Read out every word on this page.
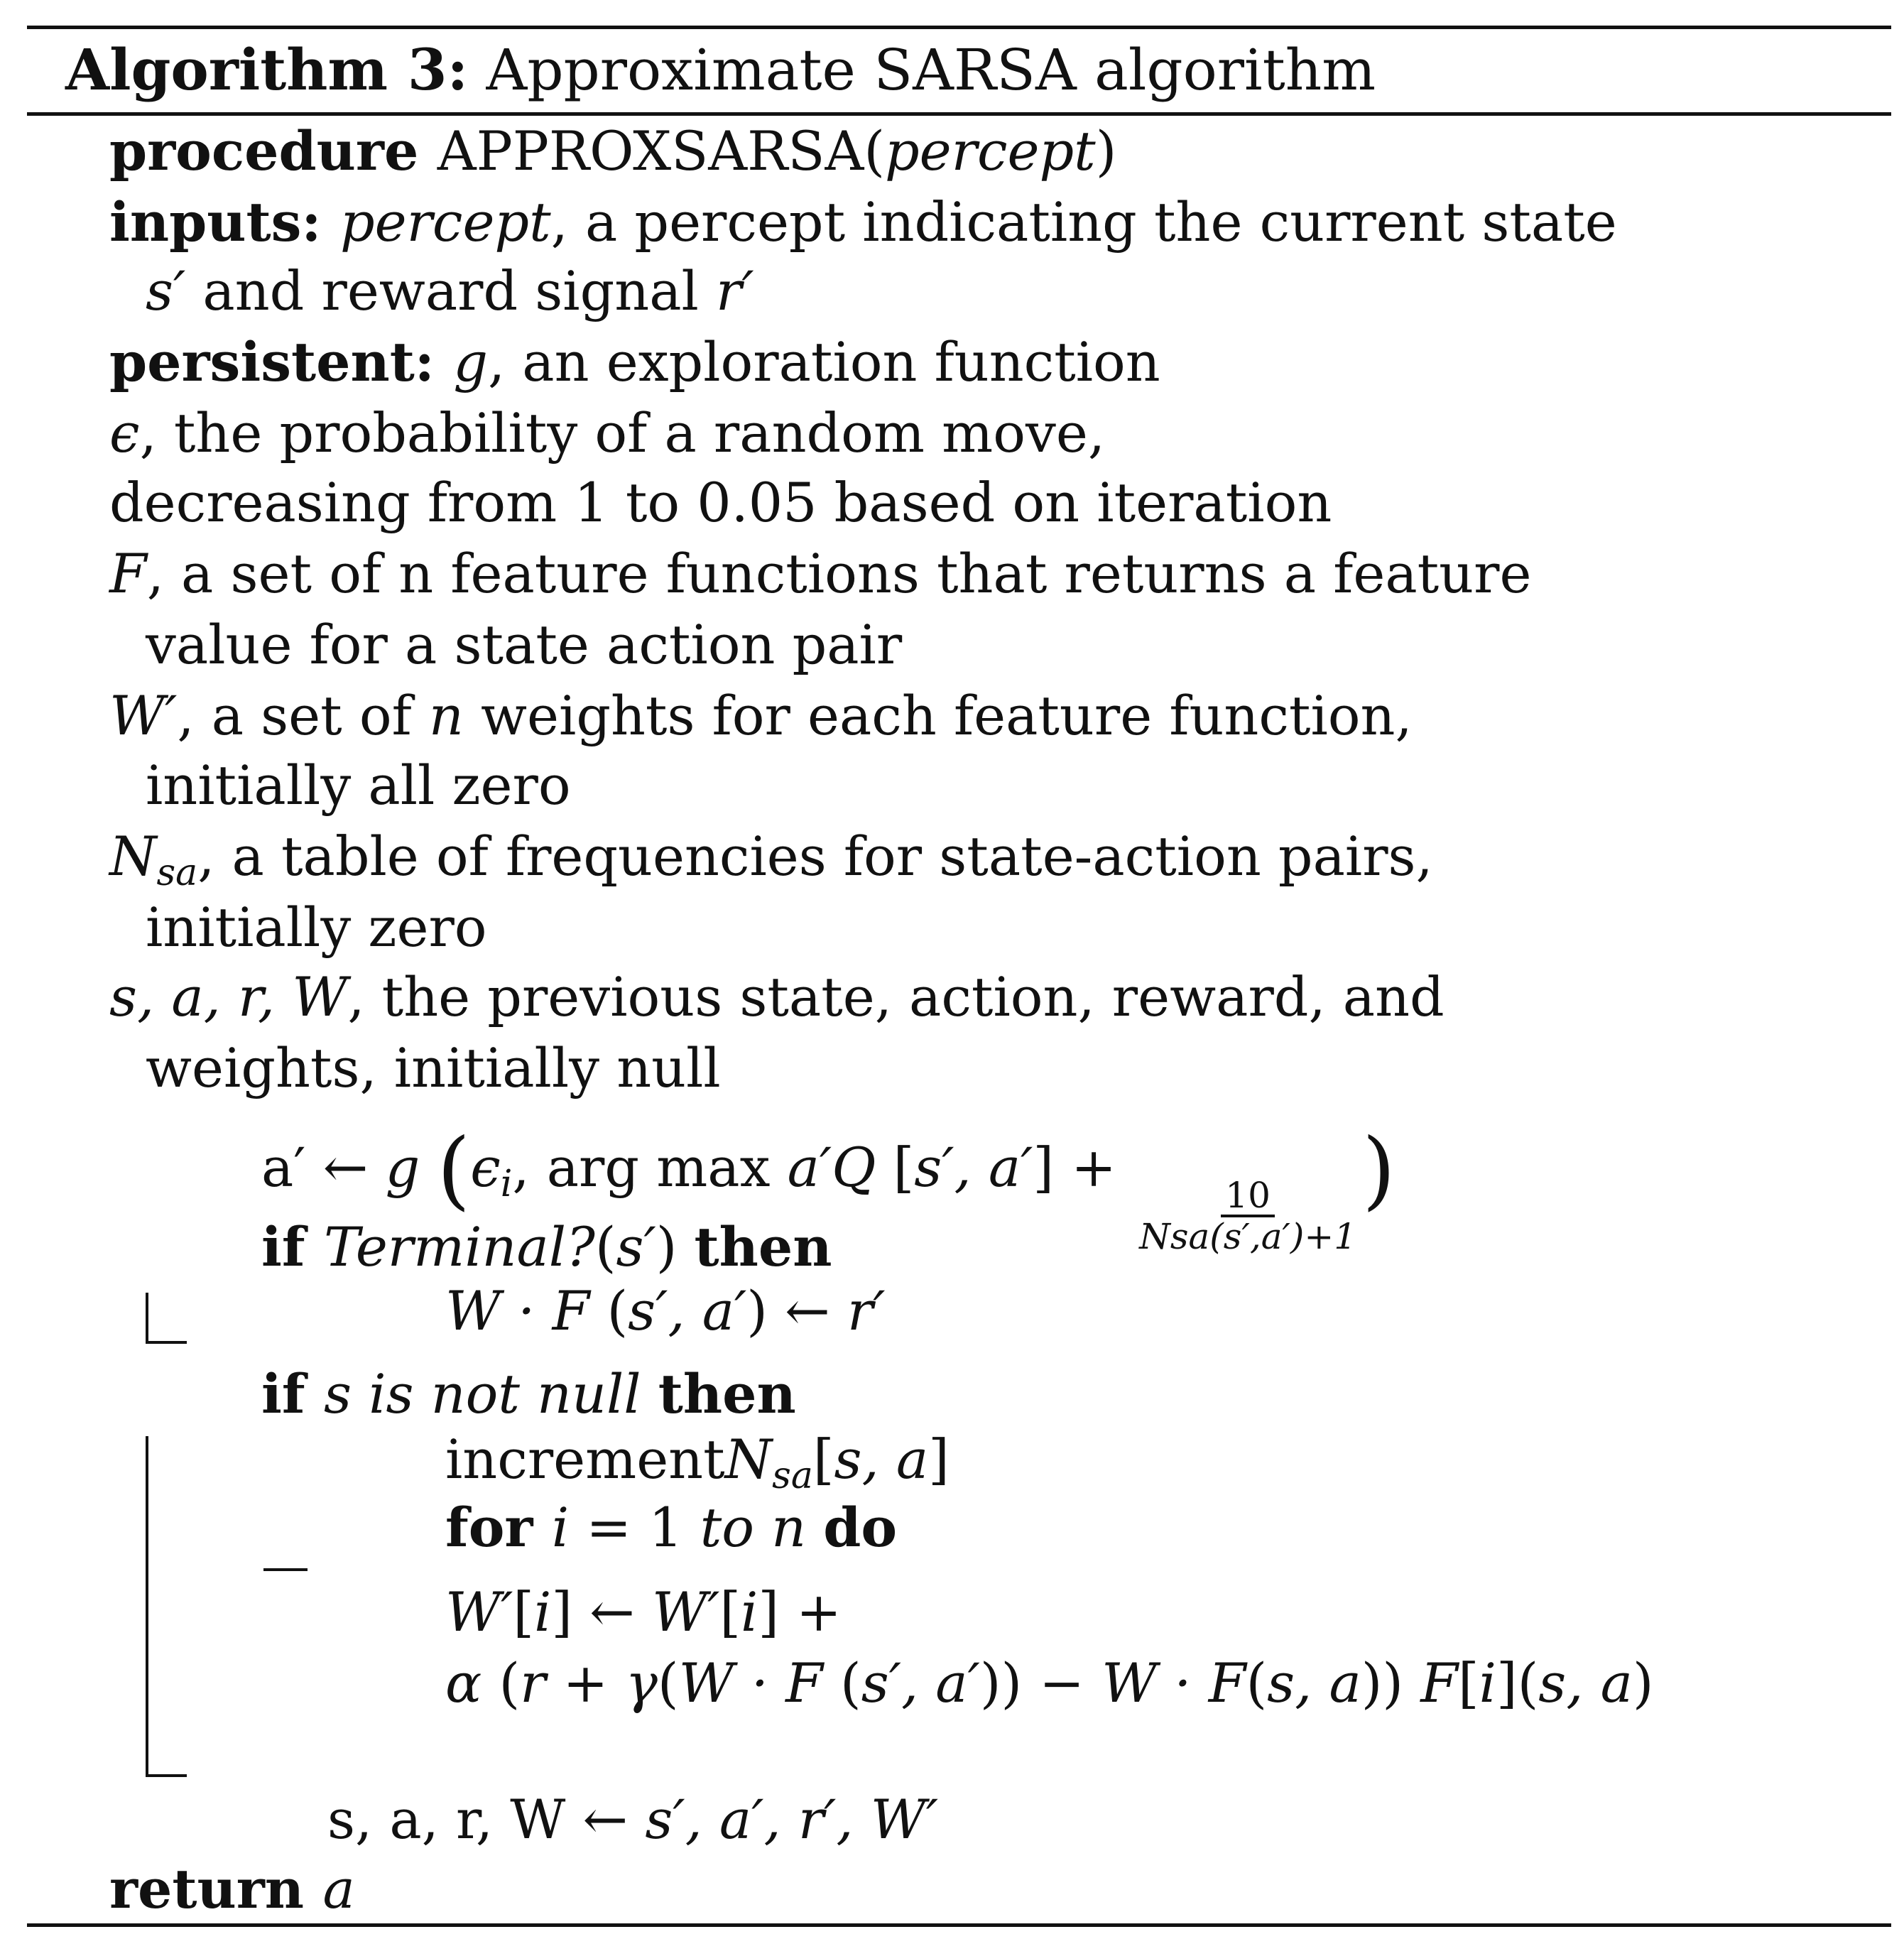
Algorithm 3: Approximate SARSA algorithm
procedure APPROXSARSA(percept)
inputs: percept, a percept indicating the current state
s′ and reward signal r′
persistent: g, an exploration function
ϵ, the probability of a random move,
decreasing from 1 to 0.05 based on iteration
F, a set of n feature functions that returns a feature
value for a state action pair
W′, a set of n weights for each feature function,
initially all zero
$N_{sa}$, a table of frequencies for state-action pairs,
initially zero
s, a, r, W, the previous state, action, reward, and
weights, initially null
a′ ← g ($\epsilon_i$, arg max a′Q [s′, a′] +
$\frac{10}{\text{Nsa(s′,a′)+1}}$ )
if Terminal?(s′) then
W · F (s′, a′) ← r′
if s is not null then
incrementN$_{sa}$[s, a]
for i = 1 to n do
W′[i] ← W′[i] +
α (r + γ(W · F (s′, a′)) − W · F(s, a)) F[i](s, a)
s, a, r, W ← s′, a′, r′, W′
return a
